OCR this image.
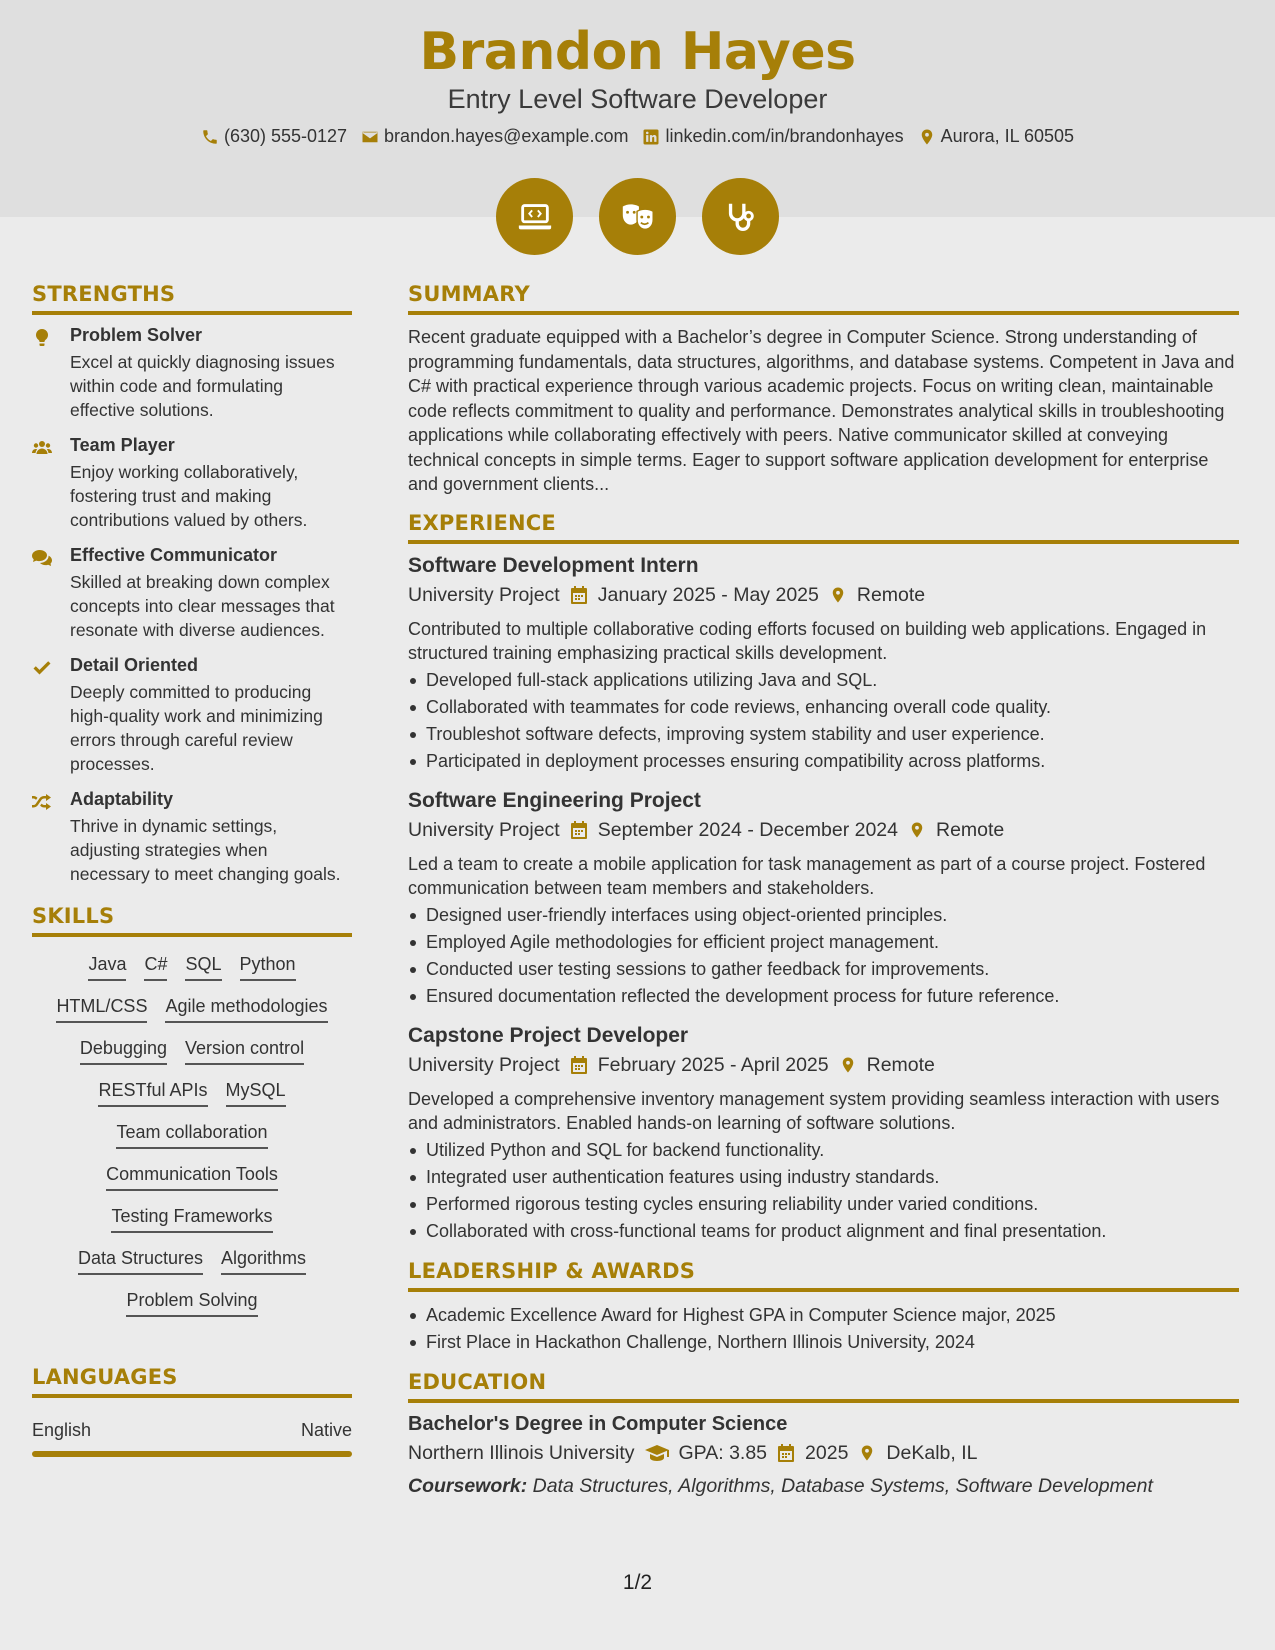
Brandon Hayes
Entry Level Software Developer
(630) 555-0127 brandon.hayes@example.com linkedin.com/in/brandonhayes Aurora, IL 60505
STRENGTHS
Problem Solver
Excel at quickly diagnosing issues within code and formulating effective solutions.
Team Player
Enjoy working collaboratively, fostering trust and making contributions valued by others.
Effective Communicator
Skilled at breaking down complex concepts into clear messages that resonate with diverse audiences.
Detail Oriented
Deeply committed to producing high-quality work and minimizing errors through careful review processes.
Adaptability
Thrive in dynamic settings, adjusting strategies when necessary to meet changing goals.
SKILLS
Java C# SQL Python
HTML/CSS Agile methodologies
Debugging Version control
RESTful APIs MySQL
Team collaboration
Communication Tools
Testing Frameworks
Data Structures Algorithms
Problem Solving
LANGUAGES
English	Native
SUMMARY

Recent graduate equipped with a Bachelor’s degree in Computer Science. Strong understanding of programming fundamentals, data structures, algorithms, and database systems. Competent in Java and C# with practical experience through various academic projects. Focus on writing clean, maintainable code reflects commitment to quality and performance. Demonstrates analytical skills in troubleshooting applications while collaborating effectively with peers. Native communicator skilled at conveying technical concepts in simple terms. Eager to support software application development for enterprise and government clients...

EXPERIENCE
Software Development Intern
University Project January 2025 - May 2025 Remote
Contributed to multiple collaborative coding efforts focused on building web applications. Engaged in structured training emphasizing practical skills development.
Developed full-stack applications utilizing Java and SQL.
Collaborated with teammates for code reviews, enhancing overall code quality.
Troubleshot software defects, improving system stability and user experience.
Participated in deployment processes ensuring compatibility across platforms.
Software Engineering Project
University Project September 2024 - December 2024 Remote
Led a team to create a mobile application for task management as part of a course project. Fostered communication between team members and stakeholders.
Designed user-friendly interfaces using object-oriented principles.
Employed Agile methodologies for efficient project management.
Conducted user testing sessions to gather feedback for improvements.
Ensured documentation reflected the development process for future reference.
Capstone Project Developer
University Project February 2025 - April 2025 Remote
Developed a comprehensive inventory management system providing seamless interaction with users and administrators. Enabled hands-on learning of software solutions.
Utilized Python and SQL for backend functionality.
Integrated user authentication features using industry standards.
Performed rigorous testing cycles ensuring reliability under varied conditions.
Collaborated with cross-functional teams for product alignment and final presentation.
LEADERSHIP & AWARDS
Academic Excellence Award for Highest GPA in Computer Science major, 2025
First Place in Hackathon Challenge, Northern Illinois University, 2024
EDUCATION
Bachelor's Degree in Computer Science
Northern Illinois University GPA: 3.85 2025 DeKalb, IL
Coursework: Data Structures, Algorithms, Database Systems, Software Development
1/2
